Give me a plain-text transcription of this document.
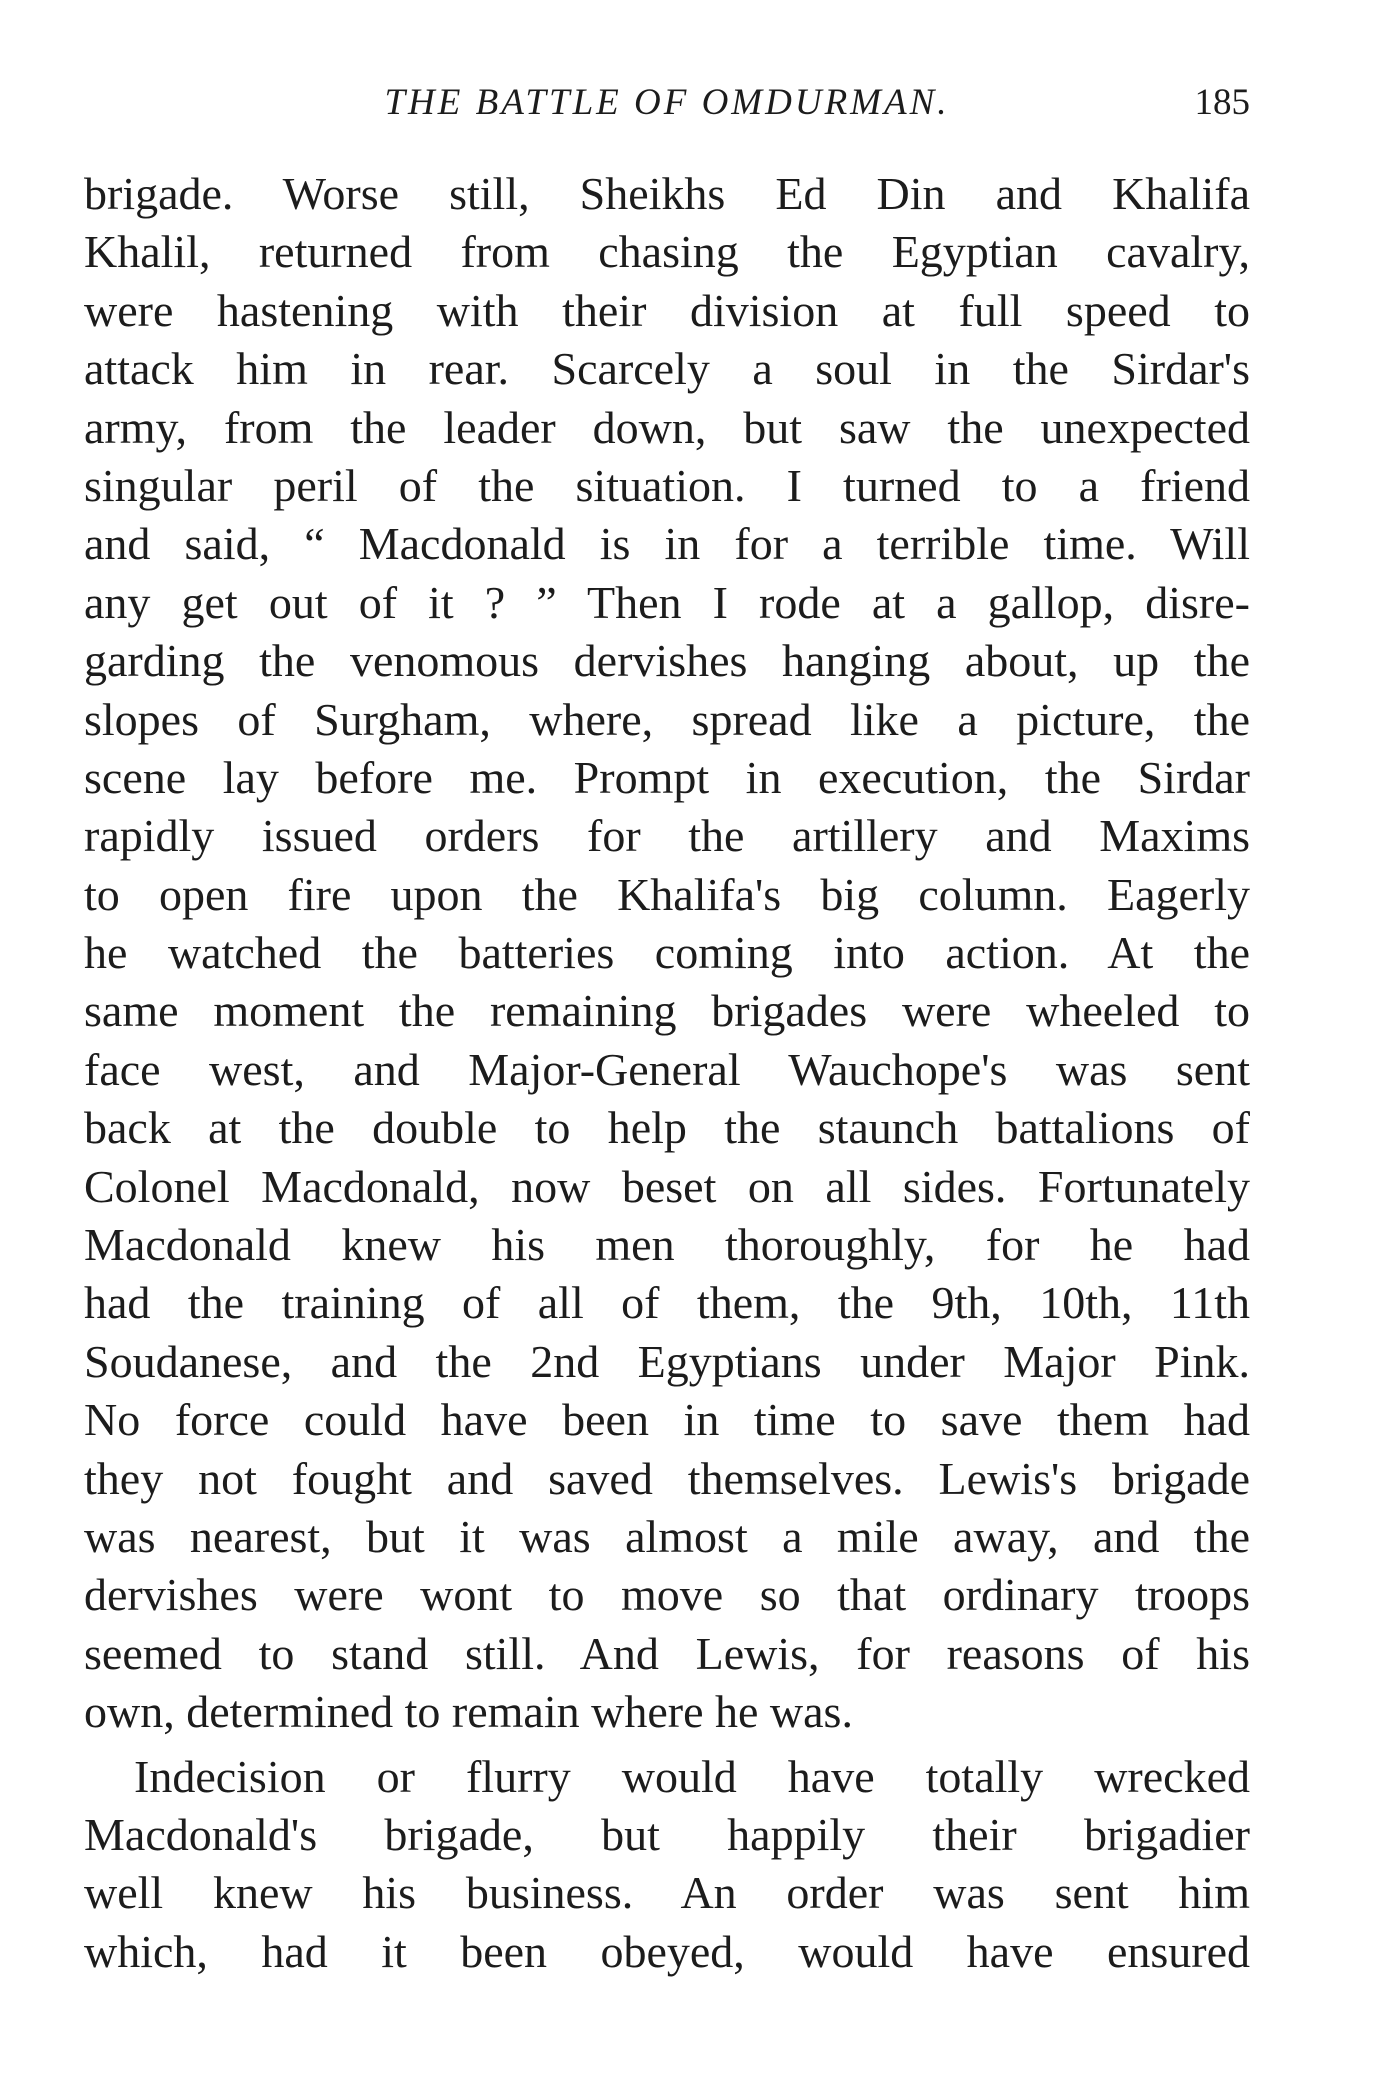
THE BATTLE OF OMDURMAN.	185
brigade. Worse still, Sheikhs Ed Din and Khalifa
Khalil, returned from chasing the Egyptian cavalry,
were hastening with their division at full speed to
attack him in rear. Scarcely a soul in the Sirdar's
army, from the leader down, but saw the unexpected
singular peril of the situation. I turned to a friend
and said, “ Macdonald is in for a terrible time. Will
any get out of it ? ” Then I rode at a gallop, disre-
garding the venomous dervishes hanging about, up the
slopes of Surgham, where, spread like a picture, the
scene lay before me. Prompt in execution, the Sirdar
rapidly issued orders for the artillery and Maxims
to open fire upon the Khalifa's big column. Eagerly
he watched the batteries coming into action. At the
same moment the remaining brigades were wheeled to
face west, and Major-General Wauchope's was sent
back at the double to help the staunch battalions of
Colonel Macdonald, now beset on all sides. Fortunately
Macdonald knew his men thoroughly, for he had
had the training of all of them, the 9th, 10th, 11th
Soudanese, and the 2nd Egyptians under Major Pink.
No force could have been in time to save them had
they not fought and saved themselves. Lewis's brigade
was nearest, but it was almost a mile away, and the
dervishes were wont to move so that ordinary troops
seemed to stand still. And Lewis, for reasons of his
own, determined to remain where he was.
Indecision or flurry would have totally wrecked
Macdonald's brigade, but happily their brigadier
well knew his business. An order was sent him
which, had it been obeyed, would have ensured
